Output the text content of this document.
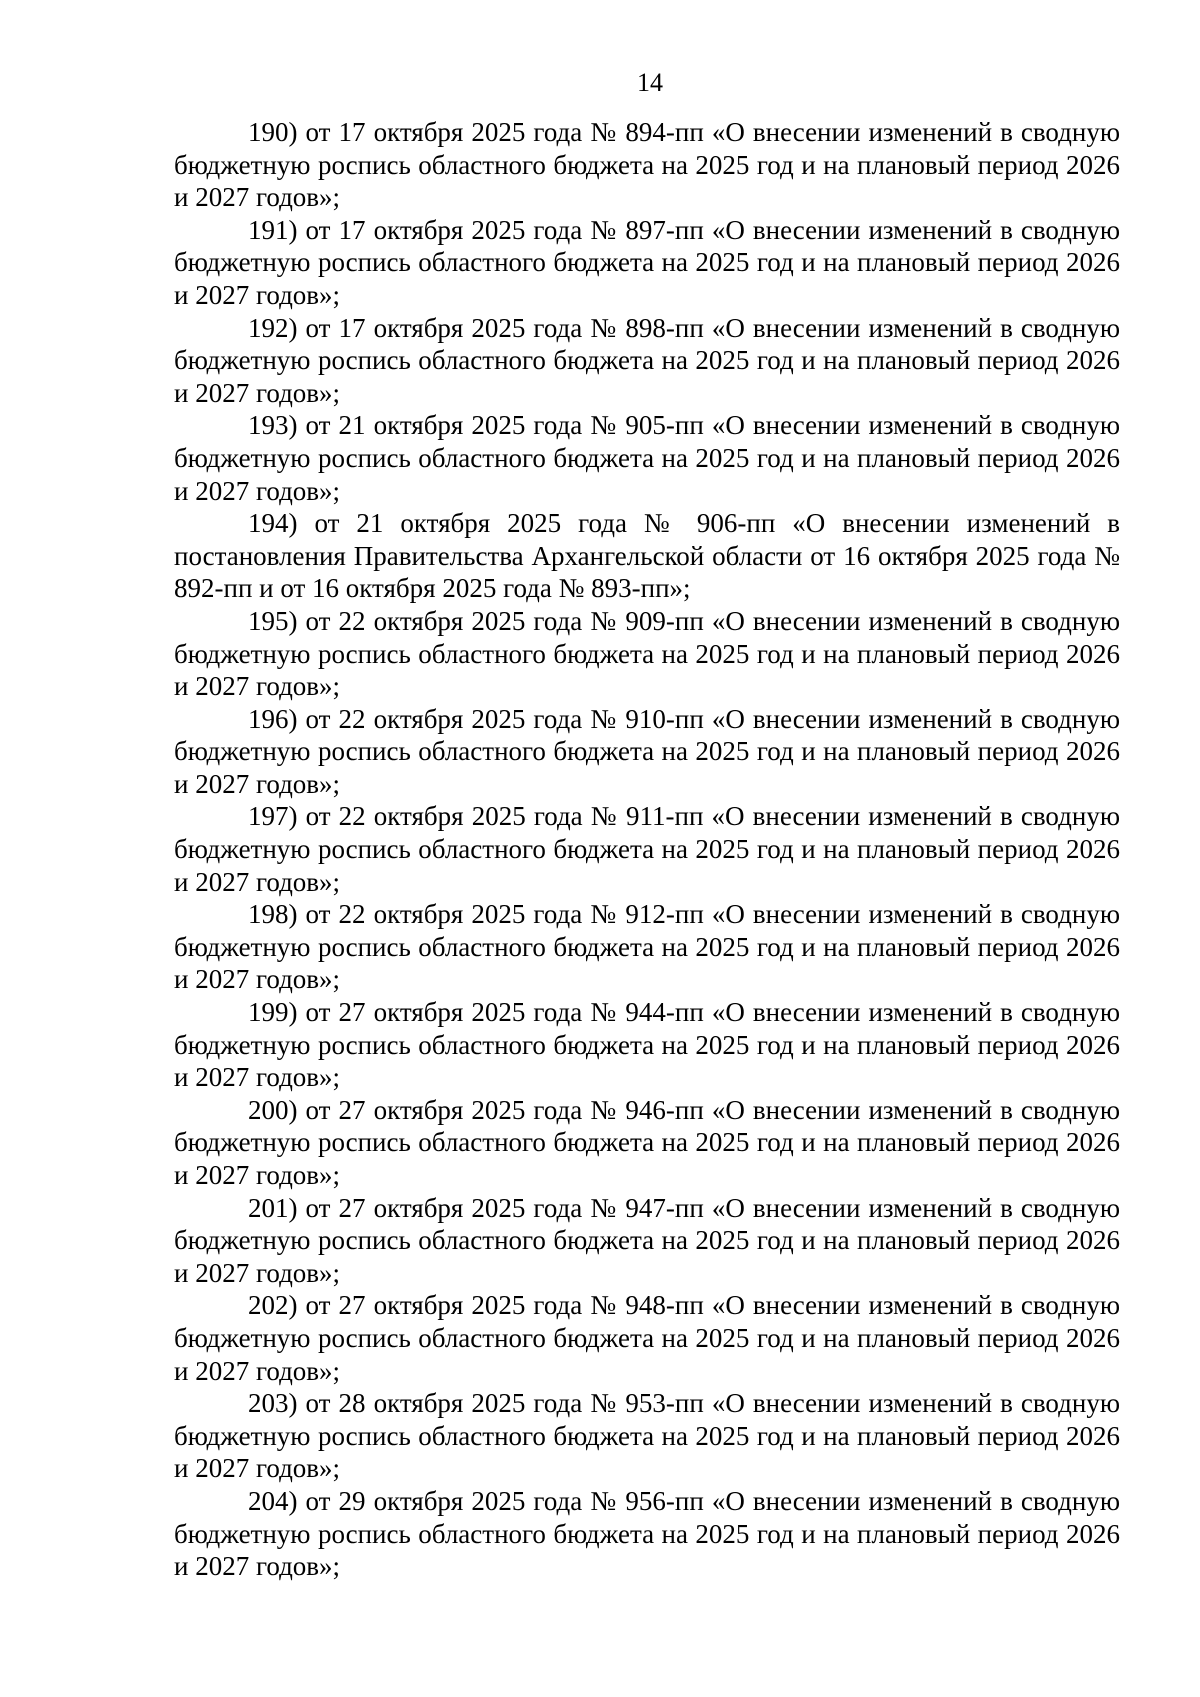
14

190) от 17 октября 2025 года № 894-пп «О внесении изменений в сводную бюджетную роспись областного бюджета на 2025 год и на плановый период 2026 и 2027 годов»;

191) от 17 октября 2025 года № 897-пп «О внесении изменений в сводную бюджетную роспись областного бюджета на 2025 год и на плановый период 2026 и 2027 годов»;

192) от 17 октября 2025 года № 898-пп «О внесении изменений в сводную бюджетную роспись областного бюджета на 2025 год и на плановый период 2026 и 2027 годов»;

193) от 21 октября 2025 года № 905-пп «О внесении изменений в сводную бюджетную роспись областного бюджета на 2025 год и на плановый период 2026 и 2027 годов»;

194) от 21 октября 2025 года № 906-пп «О внесении изменений в постановления Правительства Архангельской области от 16 октября 2025 года № 892-пп и от 16 октября 2025 года № 893-пп»;

195) от 22 октября 2025 года № 909-пп «О внесении изменений в сводную бюджетную роспись областного бюджета на 2025 год и на плановый период 2026 и 2027 годов»;

196) от 22 октября 2025 года № 910-пп «О внесении изменений в сводную бюджетную роспись областного бюджета на 2025 год и на плановый период 2026 и 2027 годов»;

197) от 22 октября 2025 года № 911-пп «О внесении изменений в сводную бюджетную роспись областного бюджета на 2025 год и на плановый период 2026 и 2027 годов»;

198) от 22 октября 2025 года № 912-пп «О внесении изменений в сводную бюджетную роспись областного бюджета на 2025 год и на плановый период 2026 и 2027 годов»;

199) от 27 октября 2025 года № 944-пп «О внесении изменений в сводную бюджетную роспись областного бюджета на 2025 год и на плановый период 2026 и 2027 годов»;

200) от 27 октября 2025 года № 946-пп «О внесении изменений в сводную бюджетную роспись областного бюджета на 2025 год и на плановый период 2026 и 2027 годов»;

201) от 27 октября 2025 года № 947-пп «О внесении изменений в сводную бюджетную роспись областного бюджета на 2025 год и на плановый период 2026 и 2027 годов»;

202) от 27 октября 2025 года № 948-пп «О внесении изменений в сводную бюджетную роспись областного бюджета на 2025 год и на плановый период 2026 и 2027 годов»;

203) от 28 октября 2025 года № 953-пп «О внесении изменений в сводную бюджетную роспись областного бюджета на 2025 год и на плановый период 2026 и 2027 годов»;

204) от 29 октября 2025 года № 956-пп «О внесении изменений в сводную бюджетную роспись областного бюджета на 2025 год и на плановый период 2026 и 2027 годов»;
